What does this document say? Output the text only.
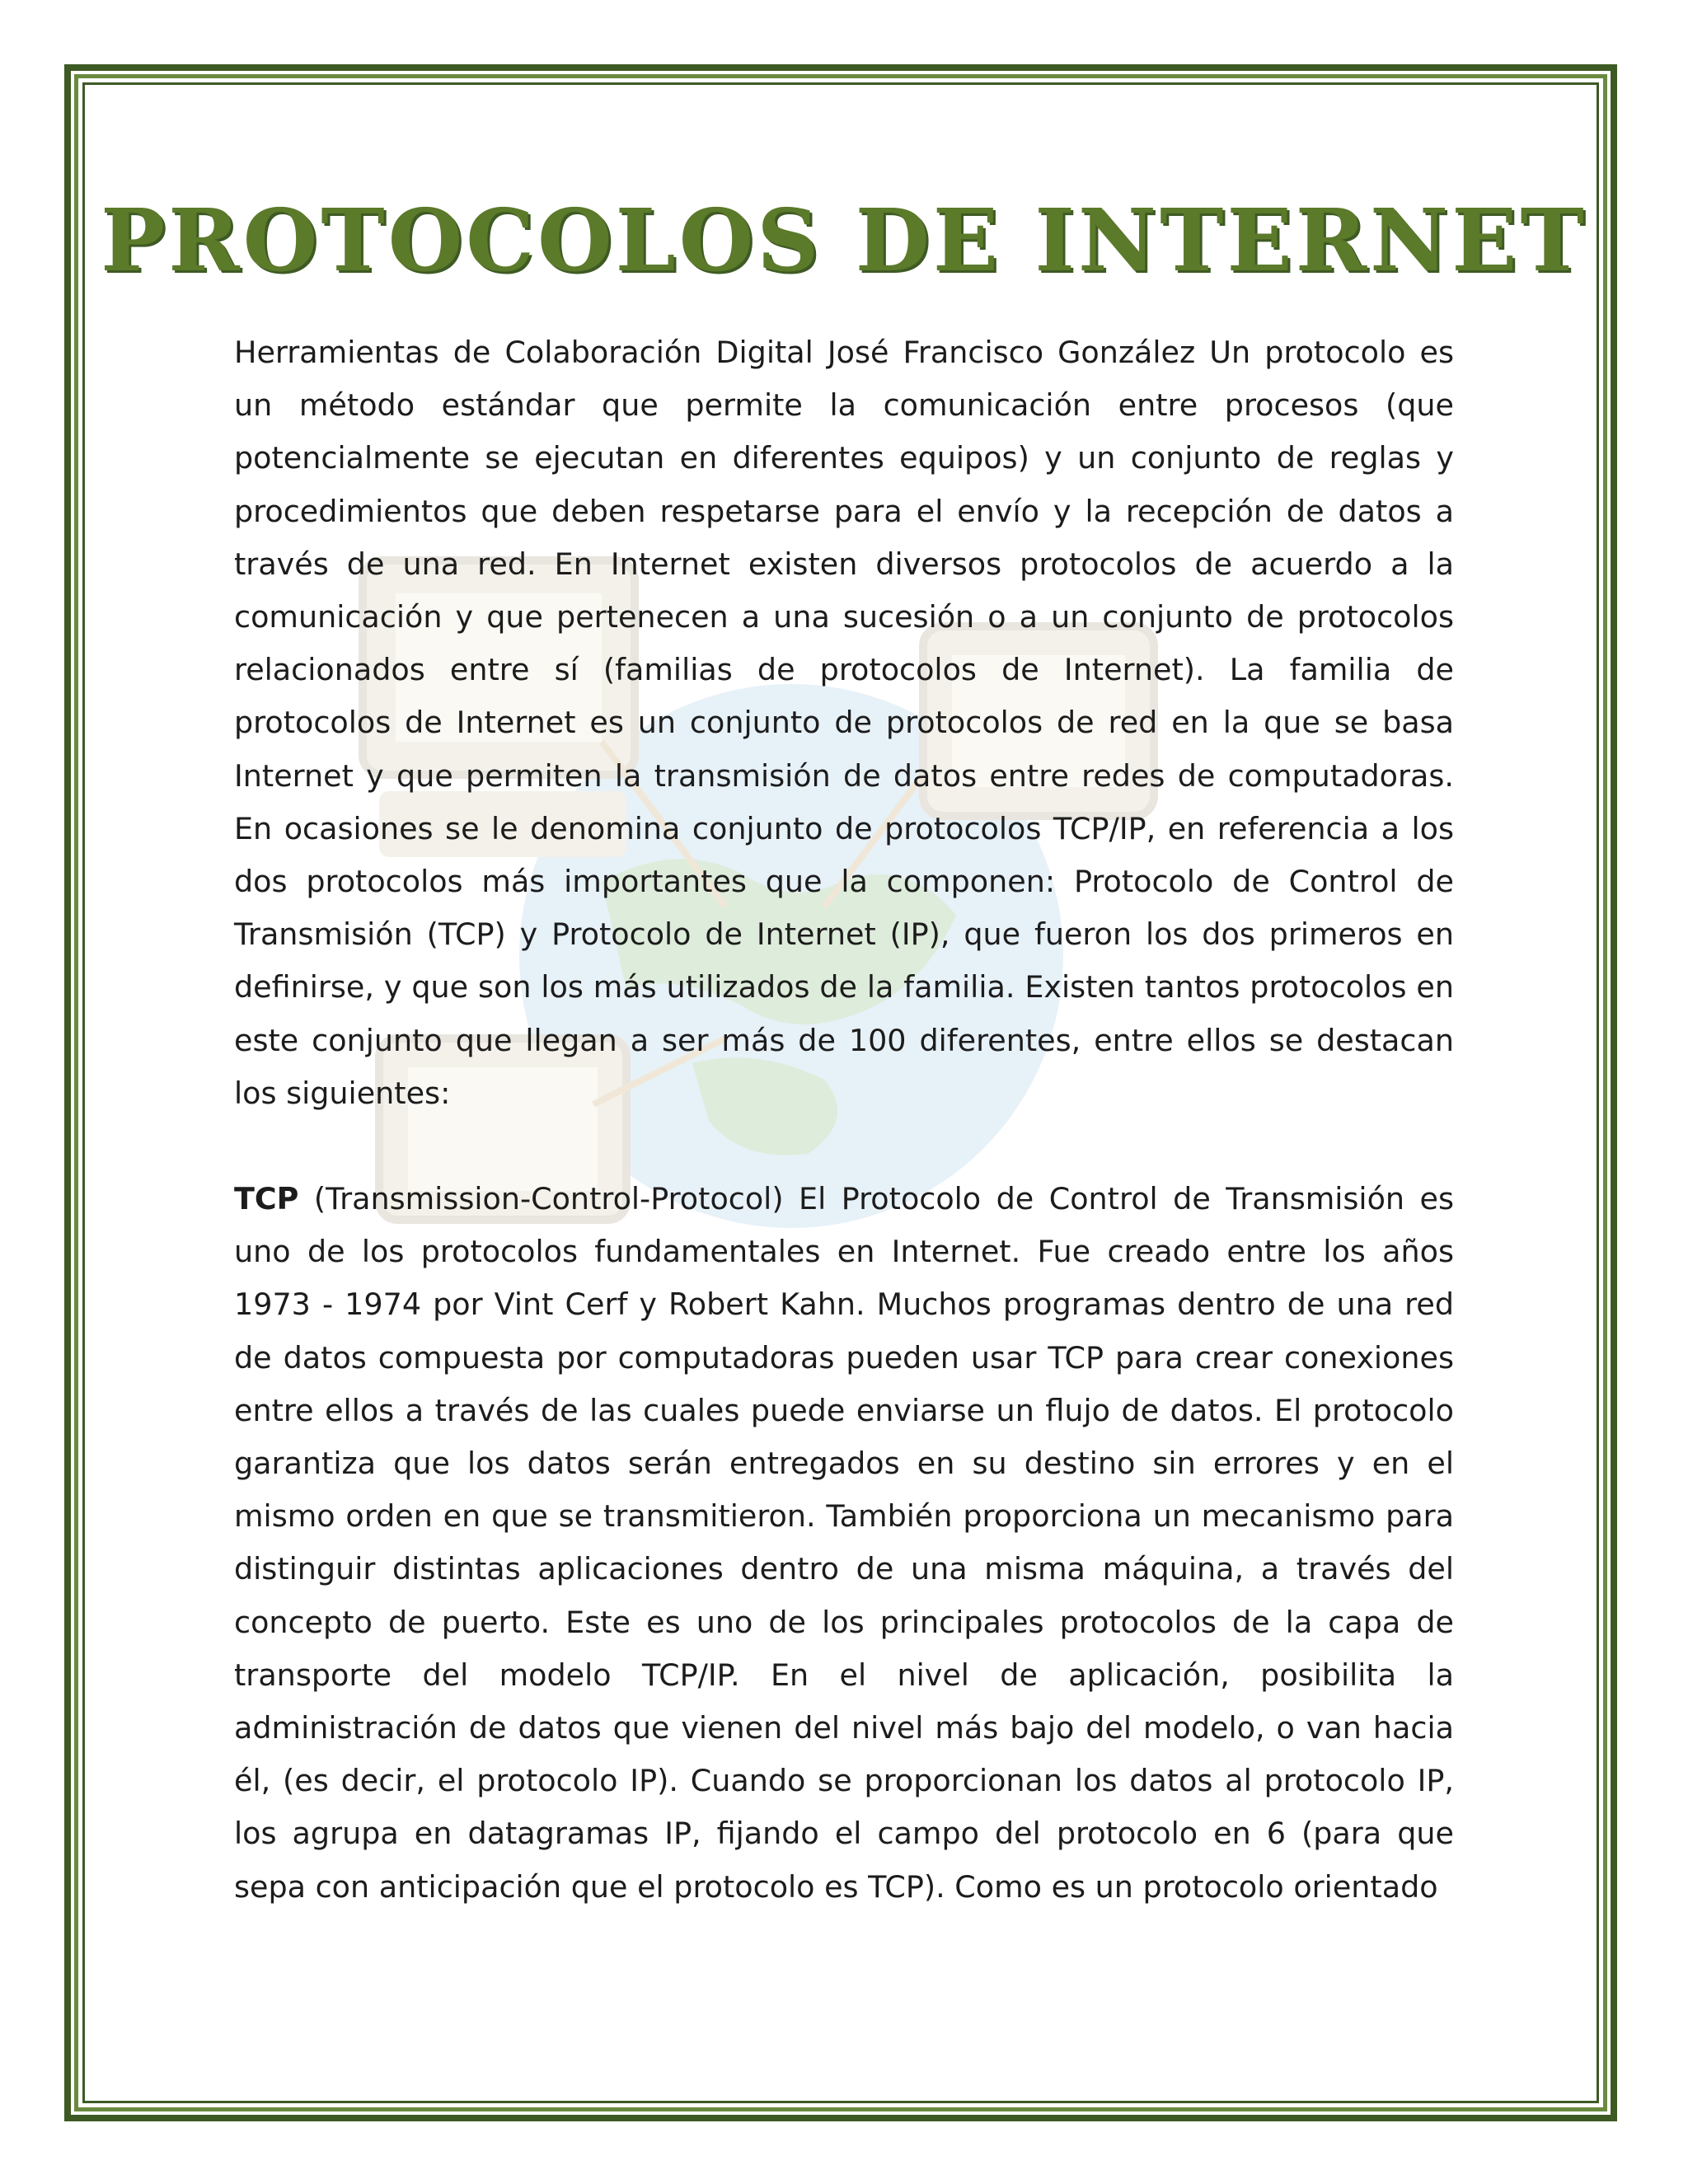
PROTOCOLOS DE INTERNET

Herramientas de Colaboración Digital José Francisco González Un protocolo es un método estándar que permite la comunicación entre procesos (que potencialmente se ejecutan en diferentes equipos) y un conjunto de reglas y procedimientos que deben respetarse para el envío y la recepción de datos a través de una red. En Internet existen diversos protocolos de acuerdo a la comunicación y que pertenecen a una sucesión o a un conjunto de protocolos relacionados entre sí (familias de protocolos de Internet). La familia de protocolos de Internet es un conjunto de protocolos de red en la que se basa Internet y que permiten la transmisión de datos entre redes de computadoras. En ocasiones se le denomina conjunto de protocolos TCP/IP, en referencia a los dos protocolos más importantes que la componen: Protocolo de Control de Transmisión (TCP) y Protocolo de Internet (IP), que fueron los dos primeros en definirse, y que son los más utilizados de la familia. Existen tantos protocolos en este conjunto que llegan a ser más de 100 diferentes, entre ellos se destacan los siguientes:

TCP (Transmission-Control-Protocol) El Protocolo de Control de Transmisión es uno de los protocolos fundamentales en Internet. Fue creado entre los años 1973 - 1974 por Vint Cerf y Robert Kahn. Muchos programas dentro de una red de datos compuesta por computadoras pueden usar TCP para crear conexiones entre ellos a través de las cuales puede enviarse un flujo de datos. El protocolo garantiza que los datos serán entregados en su destino sin errores y en el mismo orden en que se transmitieron. También proporciona un mecanismo para distinguir distintas aplicaciones dentro de una misma máquina, a través del concepto de puerto. Este es uno de los principales protocolos de la capa de transporte del modelo TCP/IP. En el nivel de aplicación, posibilita la administración de datos que vienen del nivel más bajo del modelo, o van hacia él, (es decir, el protocolo IP). Cuando se proporcionan los datos al protocolo IP, los agrupa en datagramas IP, fijando el campo del protocolo en 6 (para que sepa con anticipación que el protocolo es TCP). Como es un protocolo orientado
